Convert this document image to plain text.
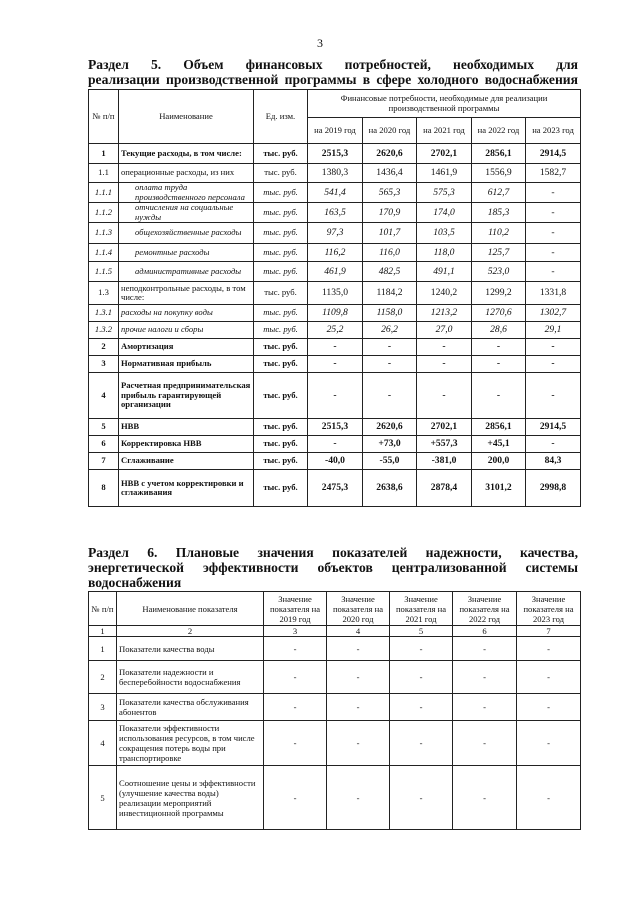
3
Раздел 5. Объем финансовых потребностей, необходимых для
реализации производственной программы в сфере холодного водоснабжения
№ п/п	Наименование	Ед. изм.	Финансовые потребности, необходимые для реализации производственной программы				
			на 2019 год	на 2020 год	на 2021 год	на 2022 год	на 2023 год
1	Текущие расходы, в том числе:	тыс. руб.	2515,3	2620,6	2702,1	2856,1	2914,5
1.1	операционные расходы, из них	тыс. руб.	1380,3	1436,4	1461,9	1556,9	1582,7
1.1.1	оплата труда производственного персонала	тыс. руб.	541,4	565,3	575,3	612,7	-
1.1.2	отчисления на социальные нужды	тыс. руб.	163,5	170,9	174,0	185,3	-
1.1.3	общехозяйственные расходы	тыс. руб.	97,3	101,7	103,5	110,2	-
1.1.4	ремонтные расходы	тыс. руб.	116,2	116,0	118,0	125,7	-
1.1.5	административные расходы	тыс. руб.	461,9	482,5	491,1	523,0	-
1.3	неподконтрольные расходы, в том числе:	тыс. руб.	1135,0	1184,2	1240,2	1299,2	1331,8
1.3.1	расходы на покупку воды	тыс. руб.	1109,8	1158,0	1213,2	1270,6	1302,7
1.3.2	прочие налоги и сборы	тыс. руб.	25,2	26,2	27,0	28,6	29,1
2	Амортизация	тыс. руб.	-	-	-	-	-
3	Нормативная прибыль	тыс. руб.	-	-	-	-	-
4	Расчетная предпринимательская прибыль гарантирующей организации	тыс. руб.	-	-	-	-	-
5	НВВ	тыс. руб.	2515,3	2620,6	2702,1	2856,1	2914,5
6	Корректировка НВВ	тыс. руб.	-	+73,0	+557,3	+45,1	-
7	Сглаживание	тыс. руб.	-40,0	-55,0	-381,0	200,0	84,3
8	НВВ с учетом корректировки и сглаживания	тыс. руб.	2475,3	2638,6	2878,4	3101,2	2998,8
Раздел 6. Плановые значения показателей надежности, качества,
энергетической эффективности объектов централизованной системы
водоснабжения
№ п/п	Наименование показателя	Значение показателя на 2019 год	Значение показателя на 2020 год	Значение показателя на 2021 год	Значение показателя на 2022 год	Значение показателя на 2023 год
1	2	3	4	5	6	7
1	Показатели качества воды	-	-	-	-	-
2	Показатели надежности и бесперебойности водоснабжения	-	-	-	-	-
3	Показатели качества обслуживания абонентов	-	-	-	-	-
4	Показатели эффективности использования ресурсов, в том числе сокращения потерь воды при транспортировке	-	-	-	-	-
5	Соотношение цены и эффективности (улучшение качества воды) реализации мероприятий инвестиционной программы	-	-	-	-	-
